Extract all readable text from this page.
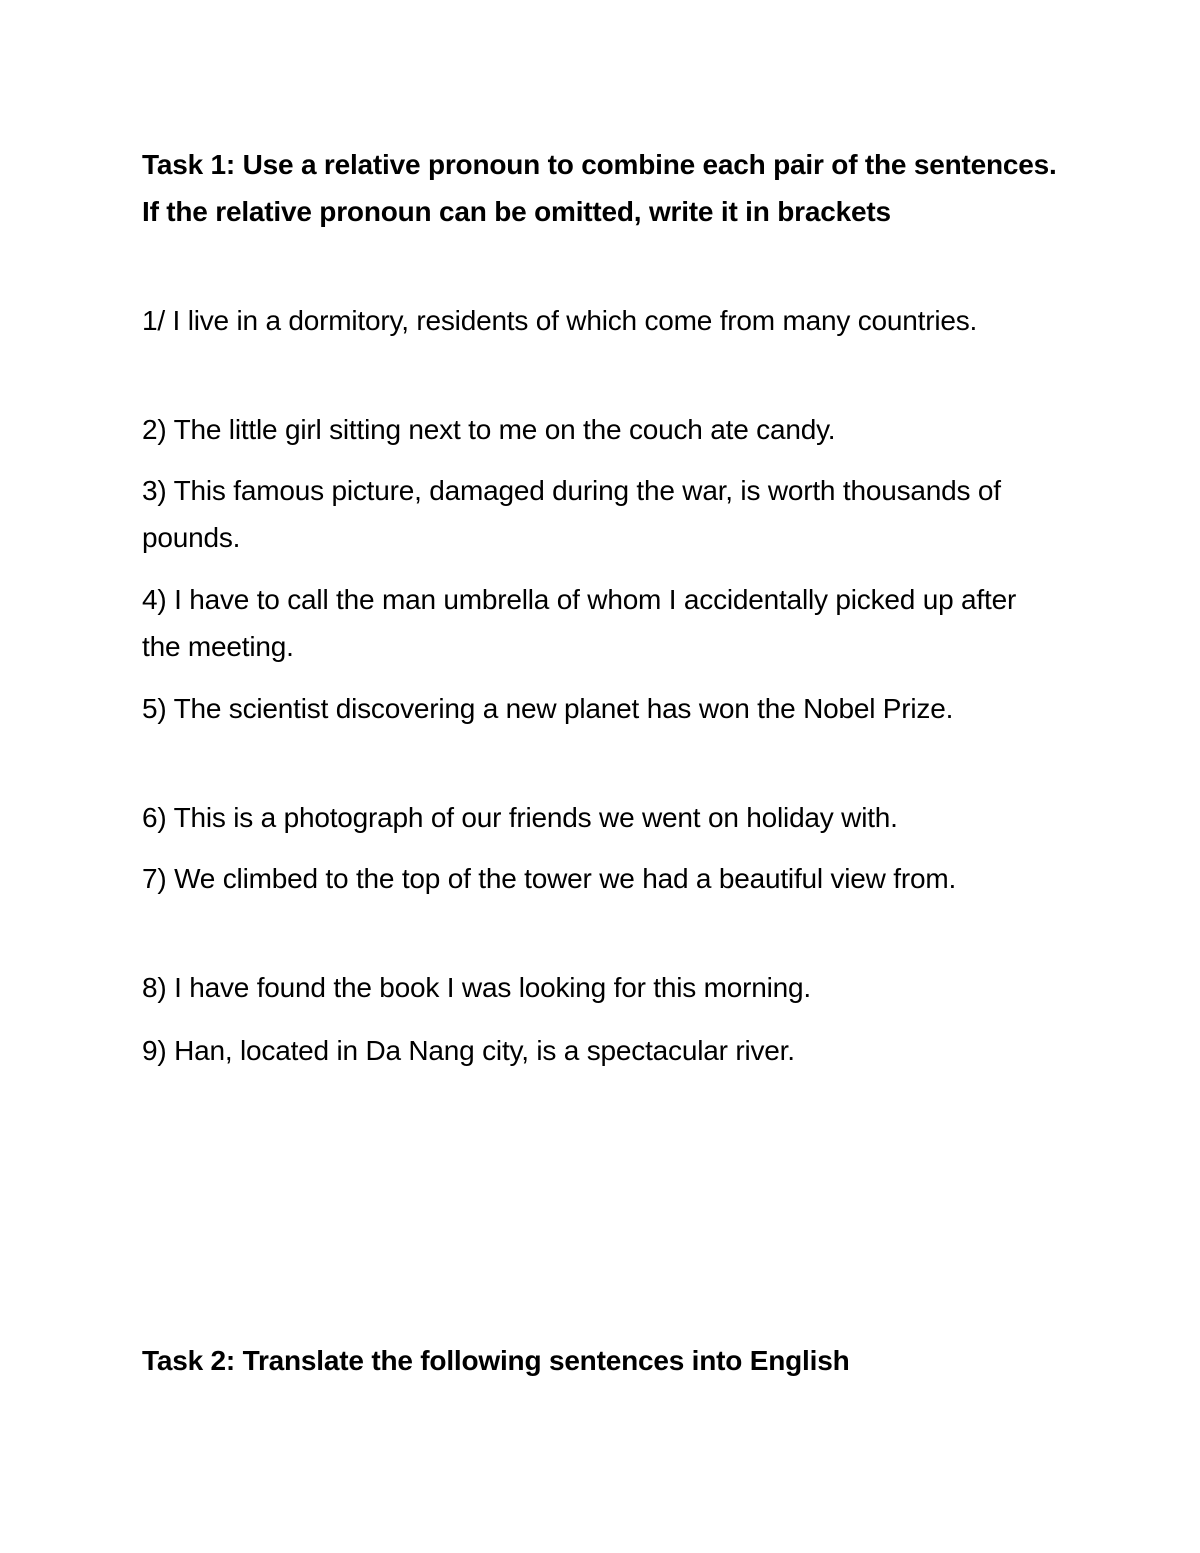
Task 1: Use a relative pronoun to combine each pair of the sentences. If the relative pronoun can be omitted, write it in brackets

1/ I live in a dormitory, residents of which come from many countries.

2) The little girl sitting next to me on the couch ate candy.

3) This famous picture, damaged during the war, is worth thousands of pounds.

4) I have to call the man umbrella of whom I accidentally picked up after the meeting.

5) The scientist discovering a new planet has won the Nobel Prize.

6) This is a photograph of our friends we went on holiday with.

7) We climbed to the top of the tower we had a beautiful view from.

8) I have found the book I was looking for this morning.

9) Han, located in Da Nang city, is a spectacular river.

Task 2: Translate the following sentences into English
